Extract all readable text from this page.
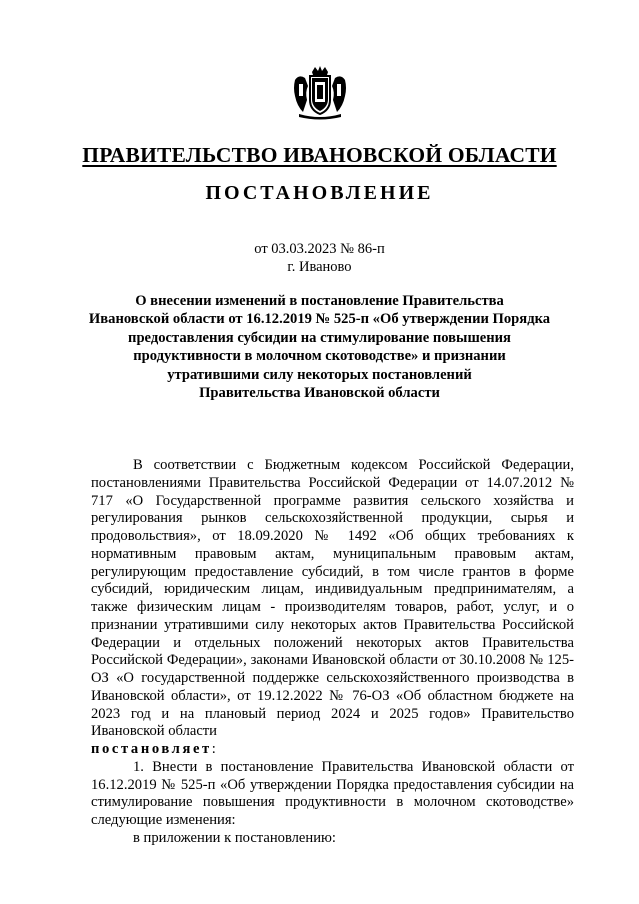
ПРАВИТЕЛЬСТВО ИВАНОВСКОЙ ОБЛАСТИ
ПОСТАНОВЛЕНИЕ
от 03.03.2023 № 86-п
г. Иваново
О внесении изменений в постановление Правительства
Ивановской области от 16.12.2019 № 525-п «Об утверждении Порядка
предоставления субсидии на стимулирование повышения
продуктивности в молочном скотоводстве» и признании
утратившими силу некоторых постановлений
Правительства Ивановской области

В соответствии с Бюджетным кодексом Российской Федерации, постановлениями Правительства Российской Федерации от 14.07.2012 № 717 «О Государственной программе развития сельского хозяйства и регулирования рынков сельскохозяйственной продукции, сырья и продовольствия», от 18.09.2020 № 1492 «Об общих требованиях к нормативным правовым актам, муниципальным правовым актам, регулирующим предоставление субсидий, в том числе грантов в форме субсидий, юридическим лицам, индивидуальным предпринимателям, а также физическим лицам - производителям товаров, работ, услуг, и о признании утратившими силу некоторых актов Правительства Российской Федерации и отдельных положений некоторых актов Правительства Российской Федерации», законами Ивановской области от 30.10.2008 № 125-ОЗ «О государственной поддержке сельскохозяйственного производства в Ивановской области», от 19.12.2022 № 76-ОЗ «Об областном бюджете на 2023 год и на плановый период 2024 и 2025 годов» Правительство Ивановской области

постановляет:

1. Внести в постановление Правительства Ивановской области от 16.12.2019 № 525-п «Об утверждении Порядка предоставления субсидии на стимулирование повышения продуктивности в молочном скотоводстве» следующие изменения:

в приложении к постановлению:
